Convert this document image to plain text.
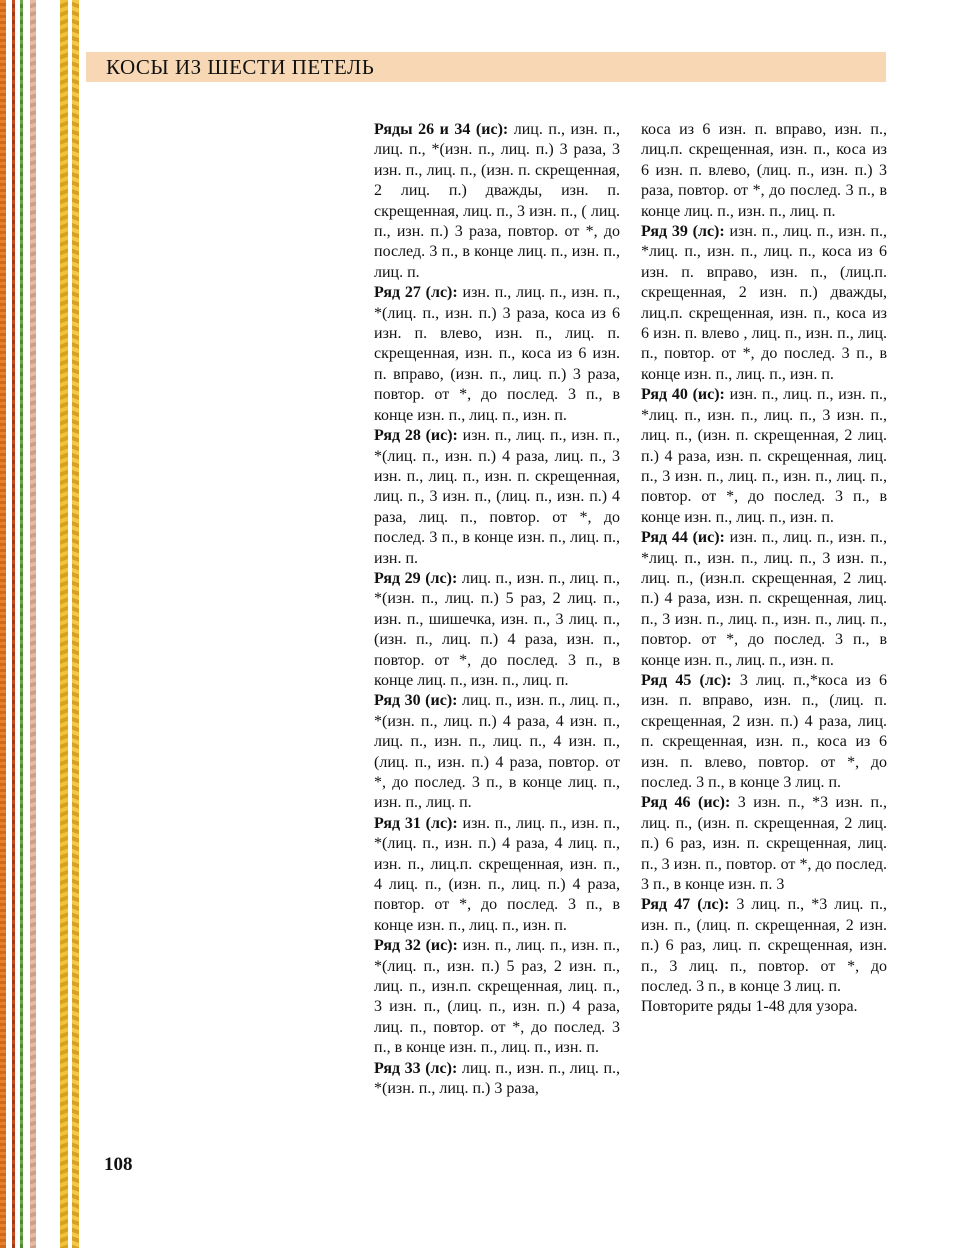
КОСЫ ИЗ ШЕСТИ ПЕТЕЛЬ

Ряды 26 и 34 (ис): лиц. п., изн. п., лиц. п., *(изн. п., лиц. п.) 3 раза, 3 изн. п., лиц. п., (изн. п. скрещенная, 2 лиц. п.) дважды, изн. п. скрещенная, лиц. п., 3 изн. п., ( лиц. п., изн. п.) 3 раза, повтор. от *, до послед. 3 п., в конце лиц. п., изн. п., лиц. п.

Ряд 27 (лс): изн. п., лиц. п., изн. п., *(лиц. п., изн. п.) 3 раза, коса из 6 изн. п. влево, изн. п., лиц. п. скрещенная, изн. п., коса из 6 изн. п. вправо, (изн. п., лиц. п.) 3 раза, повтор. от *, до послед. 3 п., в конце изн. п., лиц. п., изн. п.

Ряд 28 (ис): изн. п., лиц. п., изн. п., *(лиц. п., изн. п.) 4 раза, лиц. п., 3 изн. п., лиц. п., изн. п. скрещенная, лиц. п., 3 изн. п., (лиц. п., изн. п.) 4 раза, лиц. п., повтор. от *, до послед. 3 п., в конце изн. п., лиц. п., изн. п.

Ряд 29 (лс): лиц. п., изн. п., лиц. п., *(изн. п., лиц. п.) 5 раз, 2 лиц. п., изн. п., шишечка, изн. п., 3 лиц. п., (изн. п., лиц. п.) 4 раза, изн. п., повтор. от *, до послед. 3 п., в конце лиц. п., изн. п., лиц. п.

Ряд 30 (ис): лиц. п., изн. п., лиц. п., *(изн. п., лиц. п.) 4 раза, 4 изн. п., лиц. п., изн. п., лиц. п., 4 изн. п., (лиц. п., изн. п.) 4 раза, повтор. от *, до послед. 3 п., в конце лиц. п., изн. п., лиц. п.

Ряд 31 (лс): изн. п., лиц. п., изн. п., *(лиц. п., изн. п.) 4 раза, 4 лиц. п., изн. п., лиц.п. скрещенная, изн. п., 4 лиц. п., (изн. п., лиц. п.) 4 раза, повтор. от *, до послед. 3 п., в конце изн. п., лиц. п., изн. п.

Ряд 32 (ис): изн. п., лиц. п., изн. п., *(лиц. п., изн. п.) 5 раз, 2 изн. п., лиц. п., изн.п. скрещенная, лиц. п., 3 изн. п., (лиц. п., изн. п.) 4 раза, лиц. п., повтор. от *, до послед. 3 п., в конце изн. п., лиц. п., изн. п.

Ряд 33 (лс): лиц. п., изн. п., лиц. п., *(изн. п., лиц. п.) 3 раза,

коса из 6 изн. п. вправо, изн. п., лиц.п. скрещенная, изн. п., коса из 6 изн. п. влево, (лиц. п., изн. п.) 3 раза, повтор. от *, до послед. 3 п., в конце лиц. п., изн. п., лиц. п.

Ряд 39 (лс): изн. п., лиц. п., изн. п., *лиц. п., изн. п., лиц. п., коса из 6 изн. п. вправо, изн. п., (лиц.п. скрещенная, 2 изн. п.) дважды, лиц.п. скрещенная, изн. п., коса из 6 изн. п. влево , лиц. п., изн. п., лиц. п., повтор. от *, до послед. 3 п., в конце изн. п., лиц. п., изн. п.

Ряд 40 (ис): изн. п., лиц. п., изн. п., *лиц. п., изн. п., лиц. п., 3 изн. п., лиц. п., (изн. п. скрещенная, 2 лиц. п.) 4 раза, изн. п. скрещенная, лиц. п., 3 изн. п., лиц. п., изн. п., лиц. п., повтор. от *, до послед. 3 п., в конце изн. п., лиц. п., изн. п.

Ряд 44 (ис): изн. п., лиц. п., изн. п., *лиц. п., изн. п., лиц. п., 3 изн. п., лиц. п., (изн.п. скрещенная, 2 лиц. п.) 4 раза, изн. п. скрещенная, лиц. п., 3 изн. п., лиц. п., изн. п., лиц. п., повтор. от *, до послед. 3 п., в конце изн. п., лиц. п., изн. п.

Ряд 45 (лс): 3 лиц. п.,*коса из 6 изн. п. вправо, изн. п., (лиц. п. скрещенная, 2 изн. п.) 4 раза, лиц. п. скрещенная, изн. п., коса из 6 изн. п. влево, повтор. от *, до послед. 3 п., в конце 3 лиц. п.

Ряд 46 (ис): 3 изн. п., *3 изн. п., лиц. п., (изн. п. скрещенная, 2 лиц. п.) 6 раз, изн. п. скрещенная, лиц. п., 3 изн. п., повтор. от *, до послед. 3 п., в конце изн. п. 3

Ряд 47 (лс): 3 лиц. п., *3 лиц. п., изн. п., (лиц. п. скрещенная, 2 изн. п.) 6 раз, лиц. п. скрещенная, изн. п., 3 лиц. п., повтор. от *, до послед. 3 п., в конце 3 лиц. п.

Повторите ряды 1-48 для узора.

108
